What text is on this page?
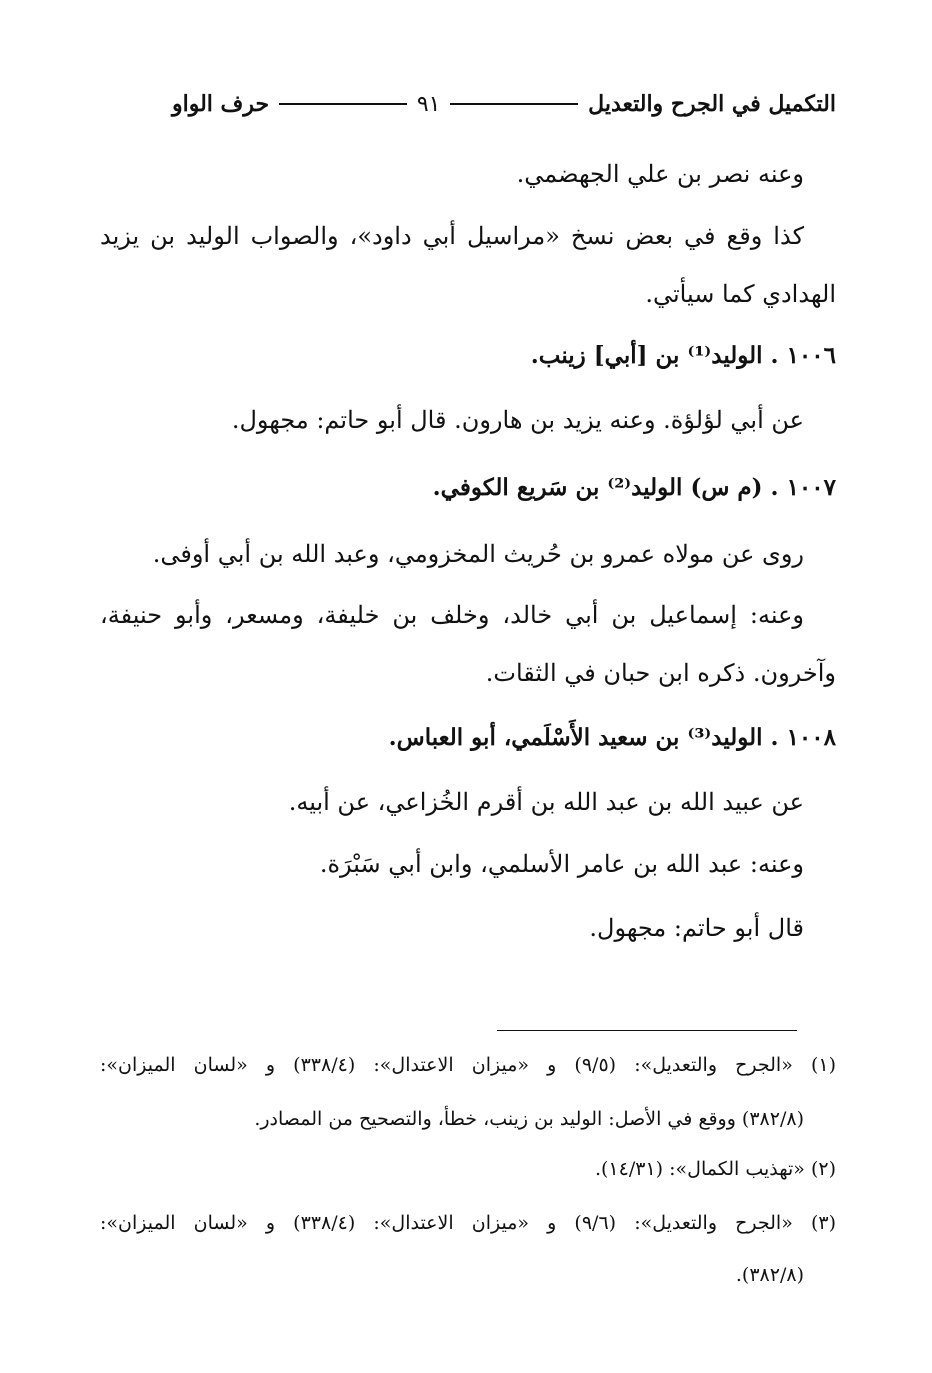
التكميل في الجرح والتعديل
٩١
حرف الواو
وعنه نصر بن علي الجهضمي.
كذا وقع في بعض نسخ «مراسيل أبي داود»، والصواب الوليد بن يزيد
الهدادي كما سيأتي.
١٠٠٦ . الوليد⁽¹⁾ بن [أبي] زينب.
عن أبي لؤلؤة. وعنه يزيد بن هارون. قال أبو حاتم: مجهول.
١٠٠٧ . (م س) الوليد⁽²⁾ بن سَريع الكوفي.
روى عن مولاه عمرو بن حُريث المخزومي، وعبد الله بن أبي أوفى.
وعنه: إسماعيل بن أبي خالد، وخلف بن خليفة، ومسعر، وأبو حنيفة،
وآخرون. ذكره ابن حبان في الثقات.
١٠٠٨ . الوليد⁽³⁾ بن سعيد الأَسْلَمي، أبو العباس.
عن عبيد الله بن عبد الله بن أقرم الخُزاعي، عن أبيه.
وعنه: عبد الله بن عامر الأسلمي، وابن أبي سَبْرَة.
قال أبو حاتم: مجهول.
(١) «الجرح والتعديل»: (٩/٥) و «ميزان الاعتدال»: (٣٣٨/٤) و «لسان الميزان»:
(٣٨٢/٨) ووقع في الأصل: الوليد بن زينب، خطأ، والتصحيح من المصادر.
(٢) «تهذيب الكمال»: (١٤/٣١).
(٣) «الجرح والتعديل»: (٩/٦) و «ميزان الاعتدال»: (٣٣٨/٤) و «لسان الميزان»:
(٣٨٢/٨).
